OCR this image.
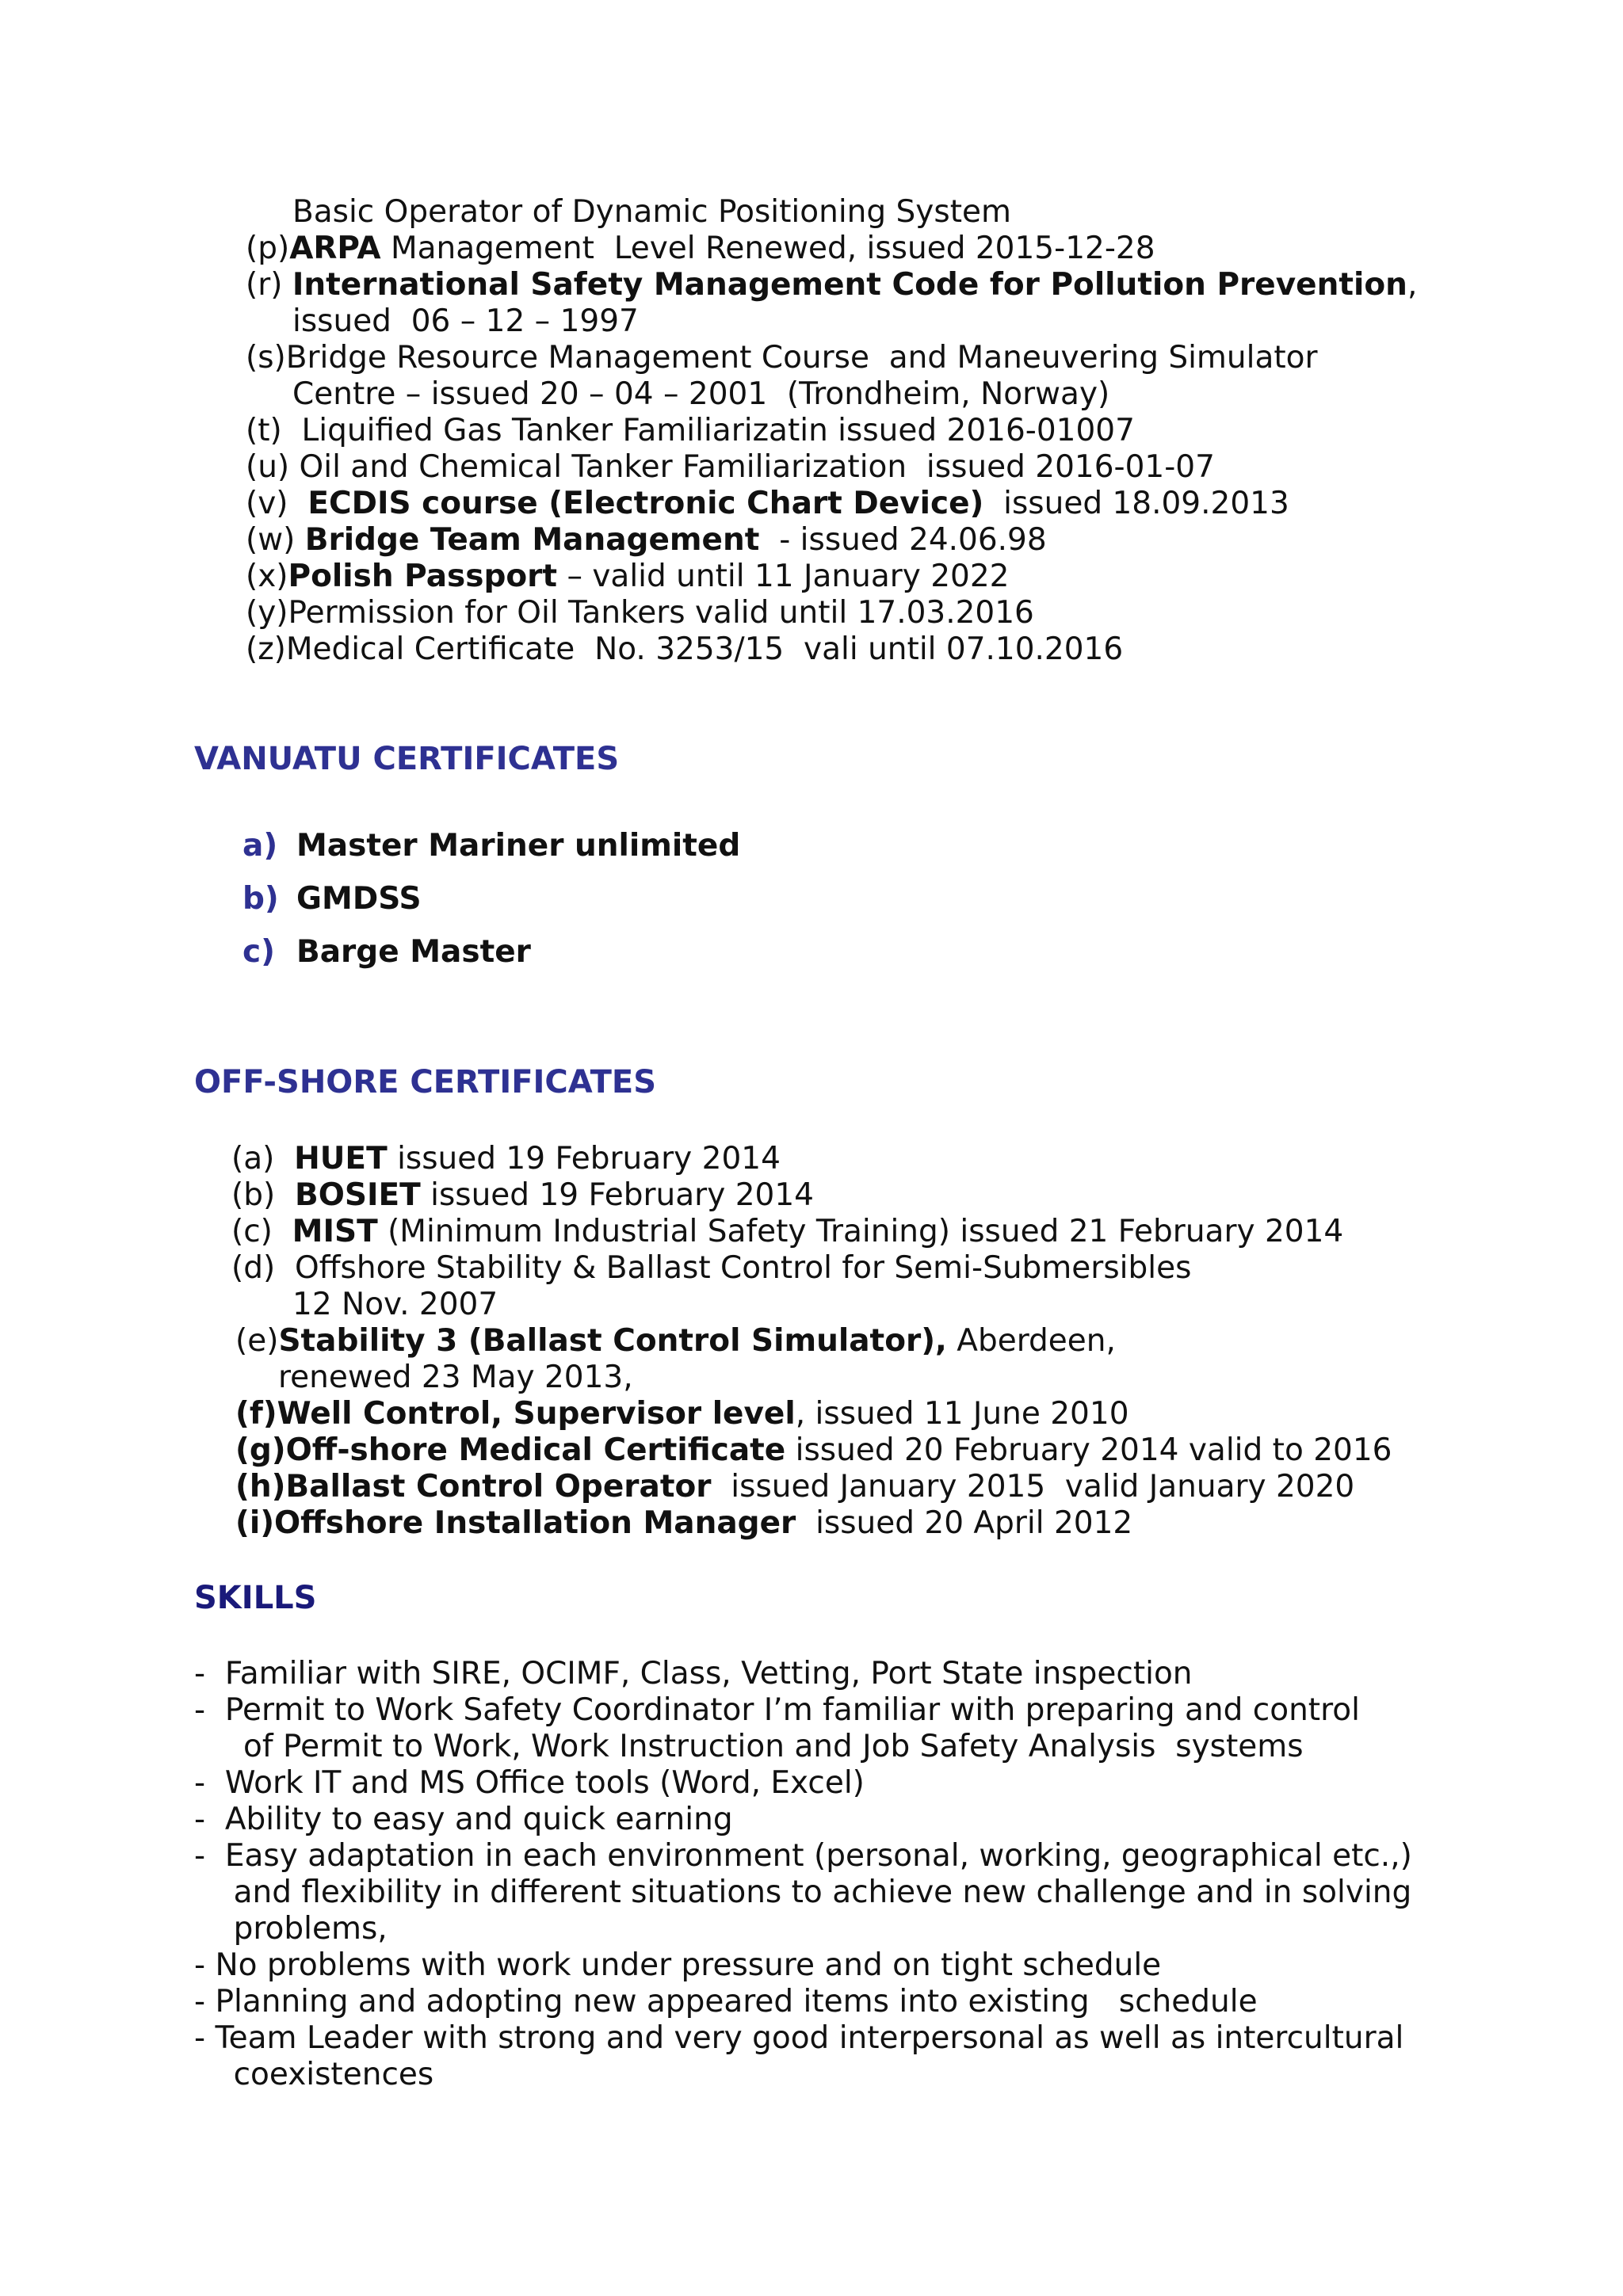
Basic Operator of Dynamic Positioning System
(p)ARPA Management  Level Renewed, issued 2015-12-28
(r) International Safety Management Code for Pollution Prevention,
issued  06 – 12 – 1997
(s)Bridge Resource Management Course  and Maneuvering Simulator
Centre – issued 20 – 04 – 2001  (Trondheim, Norway)
(t)  Liquified Gas Tanker Familiarizatin issued 2016-01007
(u) Oil and Chemical Tanker Familiarization  issued 2016-01-07
(v)  ECDIS course (Electronic Chart Device)  issued 18.09.2013
(w) Bridge Team Management  - issued 24.06.98
(x)Polish Passport – valid until 11 January 2022
(y)Permission for Oil Tankers valid until 17.03.2016
(z)Medical Certificate  No. 3253/15  vali until 07.10.2016
VANUATU CERTIFICATES
a) Master Mariner unlimited
b) GMDSS
c) Barge Master
OFF-SHORE CERTIFICATES
(a)  HUET issued 19 February 2014
(b)  BOSIET issued 19 February 2014
(c)  MIST (Minimum Industrial Safety Training) issued 21 February 2014
(d)  Offshore Stability & Ballast Control for Semi-Submersibles
12 Nov. 2007
(e)Stability 3 (Ballast Control Simulator), Aberdeen,
renewed 23 May 2013,
(f)Well Control, Supervisor level, issued 11 June 2010
(g)Off-shore Medical Certificate issued 20 February 2014 valid to 2016
(h)Ballast Control Operator  issued January 2015  valid January 2020
(i)Offshore Installation Manager  issued 20 April 2012
SKILLS
-  Familiar with SIRE, OCIMF, Class, Vetting, Port State inspection
-  Permit to Work Safety Coordinator I’m familiar with preparing and control
of Permit to Work, Work Instruction and Job Safety Analysis  systems
-  Work IT and MS Office tools (Word, Excel)
-  Ability to easy and quick earning
-  Easy adaptation in each environment (personal, working, geographical etc.,)
and flexibility in different situations to achieve new challenge and in solving
problems,
- No problems with work under pressure and on tight schedule
- Planning and adopting new appeared items into existing   schedule
- Team Leader with strong and very good interpersonal as well as intercultural
coexistences
